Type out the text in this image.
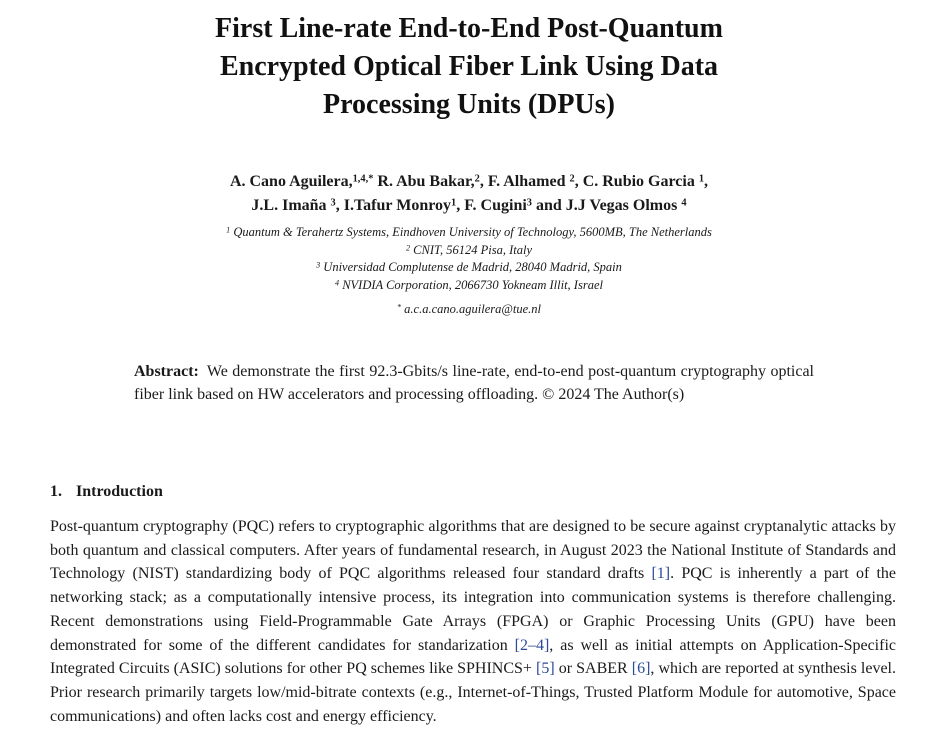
First Line-rate End-to-End Post-Quantum
Encrypted Optical Fiber Link Using Data
Processing Units (DPUs)
A. Cano Aguilera,$^{1,4,*}$ R. Abu Bakar,$^2$, F. Alhamed $^2$, C. Rubio Garcia $^1$,
J.L. Imaña $^3$, I.Tafur Monroy$^1$, F. Cugini$^3$ and J.J Vegas Olmos $^4$
$^1$ Quantum & Terahertz Systems, Eindhoven University of Technology, 5600MB, The Netherlands
$^2$ CNIT, 56124 Pisa, Italy
$^3$ Universidad Complutense de Madrid, 28040 Madrid, Spain
$^4$ NVIDIA Corporation, 2066730 Yokneam Illit, Israel
* a.c.a.cano.aguilera@tue.nl
Abstract: We demonstrate the first 92.3-Gbits/s line-rate, end-to-end post-quantum cryptography optical fiber link based on HW accelerators and processing offloading. © 2024 The Author(s)
1. Introduction
Post-quantum cryptography (PQC) refers to cryptographic algorithms that are designed to be secure against cryptanalytic attacks by both quantum and classical computers. After years of fundamental research, in August 2023 the National Institute of Standards and Technology (NIST) standardizing body of PQC algorithms released four standard drafts [1]. PQC is inherently a part of the networking stack; as a computationally intensive process, its integration into communication systems is therefore challenging. Recent demonstrations using Field-Programmable Gate Arrays (FPGA) or Graphic Processing Units (GPU) have been demonstrated for some of the different candidates for standarization [2–4], as well as initial attempts on Application-Specific Integrated Circuits (ASIC) solutions for other PQ schemes like SPHINCS+ [5] or SABER [6], which are reported at synthesis level. Prior research primarily targets low/mid-bitrate contexts (e.g., Internet-of-Things, Trusted Platform Module for automotive, Space communications) and often lacks cost and energy efficiency.
